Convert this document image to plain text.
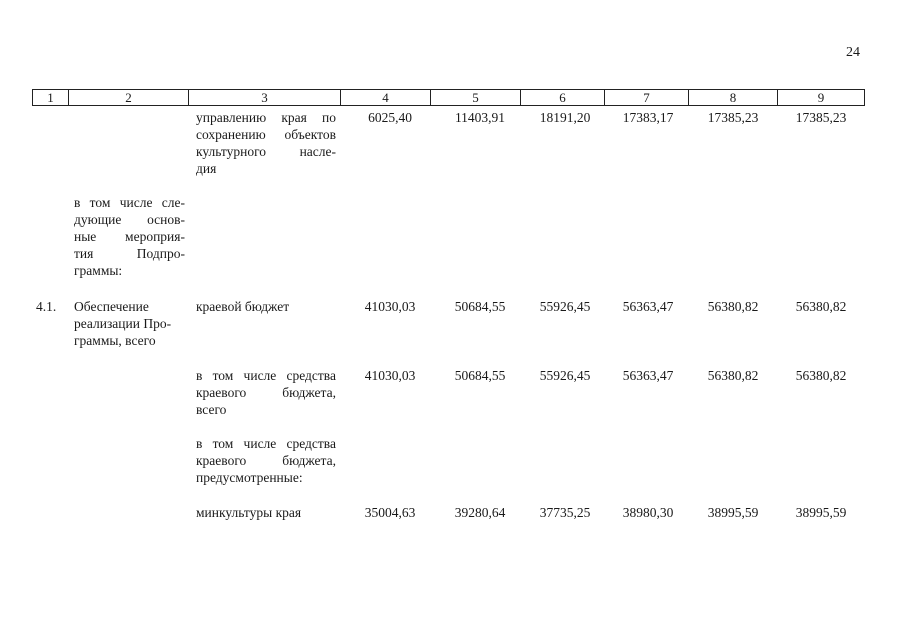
24
1	2	3	4	5	6	7	8	9
управлению края по
сохранению объектов
культурного насле-
дия
6025,40	11403,91	18191,20	17383,17	17385,23	17385,23
в том числе сле-
дующие основ-
ные мероприя-
тия Подпро-
граммы:
4.1. Обеспечение
реализации Про-
граммы, всего
краевой бюджет	41030,03	50684,55	55926,45	56363,47	56380,82	56380,82
в том числе средства
краевого бюджета,
всего
41030,03	50684,55	55926,45	56363,47	56380,82	56380,82
в том числе средства
краевого бюджета,
предусмотренные:
минкультуры края	35004,63	39280,64	37735,25	38980,30	38995,59	38995,59
